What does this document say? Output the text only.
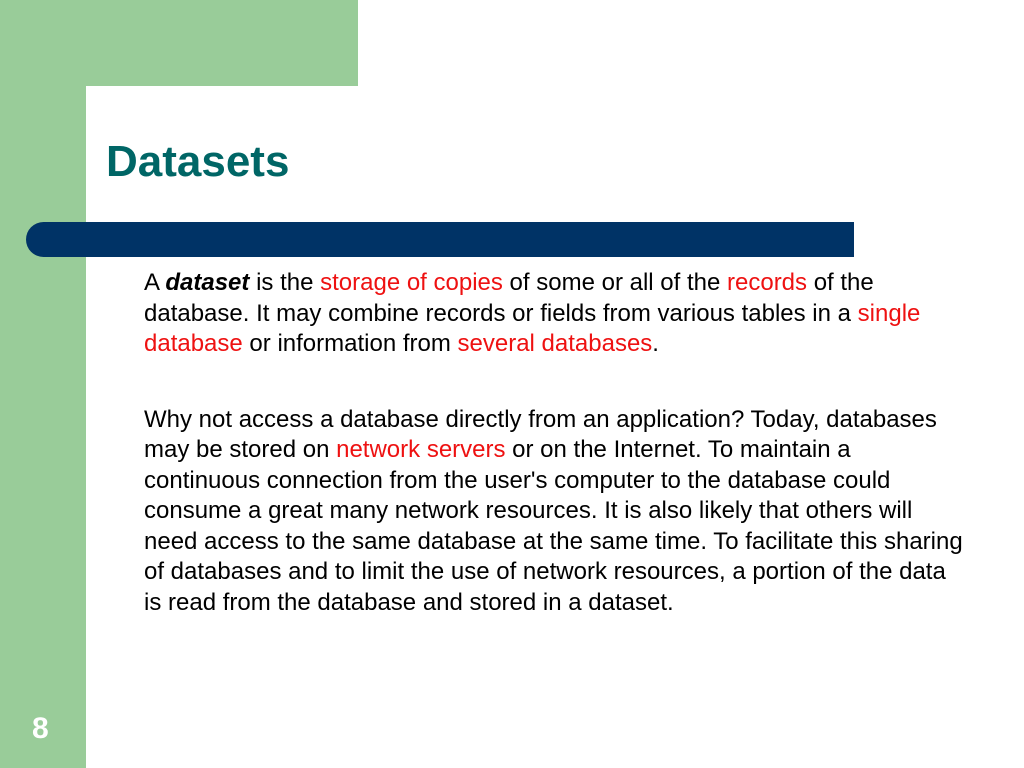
Datasets

A dataset is the storage of copies of some or all of the records of the database. It may combine records or fields from various tables in a single database or information from several databases.

Why not access a database directly from an application? Today, databases may be stored on network servers or on the Internet. To maintain a continuous connection from the user's computer to the database could consume a great many network resources. It is also likely that others will need access to the same database at the same time. To facilitate this sharing of databases and to limit the use of network resources, a portion of the data is read from the database and stored in a dataset.

8
